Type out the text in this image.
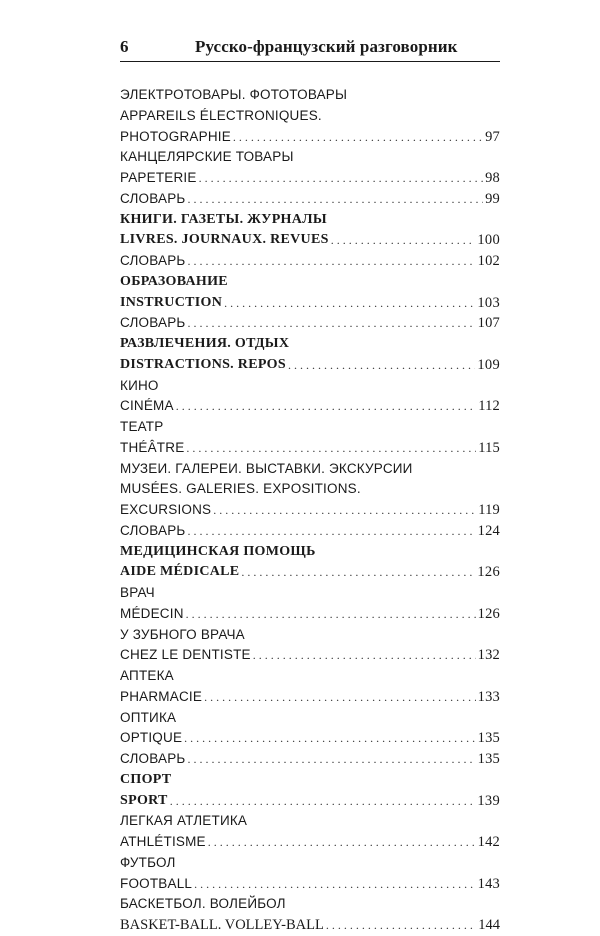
6	Русско-французский разговорник
ЭЛЕКТРОТОВАРЫ. ФОТОТОВАРЫ
APPAREILS ÉLECTRONIQUES.
PHOTOGRAPHIE . . .	97
КАНЦЕЛЯРСКИЕ ТОВАРЫ
PAPETERIE . . .	98
СЛОВАРЬ . . .	99
КНИГИ. ГАЗЕТЫ. ЖУРНАЛЫ
LIVRES. JOURNAUX. REVUES . . .	100
СЛОВАРЬ . . .	102
ОБРАЗОВАНИЕ
INSTRUCTION . . .	103
СЛОВАРЬ . . .	107
РАЗВЛЕЧЕНИЯ. ОТДЫХ
DISTRACTIONS. REPOS . . .	109
КИНО
CINÉMA . . .	112
ТЕАТР
THÉÂTRE . . .	115
МУЗЕИ. ГАЛЕРЕИ. ВЫСТАВКИ. ЭКСКУРСИИ
MUSÉES. GALERIES. EXPOSITIONS.
EXCURSIONS . . .	119
СЛОВАРЬ . . .	124
МЕДИЦИНСКАЯ ПОМОЩЬ
AIDE MÉDICALE . . .	126
ВРАЧ
MÉDECIN . . .	126
У ЗУБНОГО ВРАЧА
CHEZ LE DENTISTE . . .	132
АПТЕКА
PHARMACIE . . .	133
ОПТИКА
OPTIQUE . . .	135
СЛОВАРЬ . . .	135
СПОРТ
SPORT . . .	139
ЛЕГКАЯ АТЛЕТИКА
ATHLÉTISME . . .	142
ФУТБОЛ
FOOTBALL . . .	143
БАСКЕТБОЛ. ВОЛЕЙБОЛ
BASKET-BALL. VOLLEY-BALL . . .	144
